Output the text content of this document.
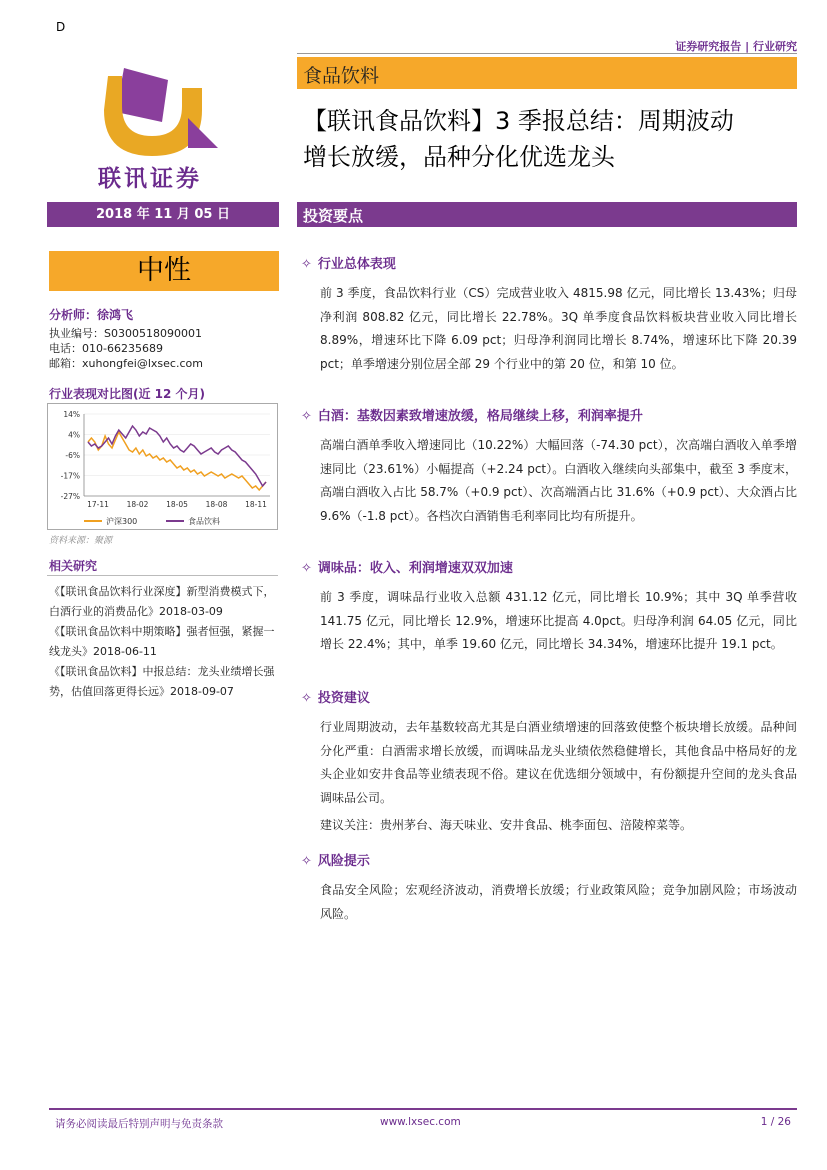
D
证券研究报告 | 行业研究
联讯证券
食品饮料
【联讯食品饮料】3 季报总结：周期波动
增长放缓，品种分化优选龙头
2018 年 11 月 05 日	投资要点
中性
分析师：徐鸿飞
执业编号：S0300518090001
电话：010-66235689
邮箱：xuhongfei@lxsec.com
行业表现对比图(近 12 个月)
14%
4%
-6%
-17%
-27%
17-11 18-02 18-05 18-08 18-11
沪深300	食品饮料
资料来源：聚源
相关研究
《【联讯食品饮料行业深度】新型消费模式下，白酒行业的消费品化》2018-03-09
《【联讯食品饮料中期策略】强者恒强，紧握一线龙头》2018-06-11
《【联讯食品饮料】中报总结：龙头业绩增长强势，估值回落更得长远》2018-09-07
✧ 行业总体表现
前 3 季度，食品饮料行业（CS）完成营业收入 4815.98 亿元，同比增长 13.43%；归母净利润 808.82 亿元，同比增长 22.78%。3Q 单季度食品饮料板块营业收入同比增长 8.89%，增速环比下降 6.09 pct；归母净利润同比增长 8.74%，增速环比下降 20.39 pct；单季增速分别位居全部 29 个行业中的第 20 位，和第 10 位。
✧ 白酒：基数因素致增速放缓，格局继续上移，利润率提升
高端白酒单季收入增速同比（10.22%）大幅回落（-74.30 pct），次高端白酒收入单季增速同比（23.61%）小幅提高（+2.24 pct）。白酒收入继续向头部集中，截至 3 季度末，高端白酒收入占比 58.7%（+0.9 pct）、次高端酒占比 31.6%（+0.9 pct）、大众酒占比 9.6%（-1.8 pct）。各档次白酒销售毛利率同比均有所提升。
✧ 调味品：收入、利润增速双双加速
前 3 季度，调味品行业收入总额 431.12 亿元，同比增长 10.9%；其中 3Q 单季营收 141.75 亿元，同比增长 12.9%，增速环比提高 4.0pct。归母净利润 64.05 亿元，同比增长 22.4%；其中，单季 19.60 亿元，同比增长 34.34%，增速环比提升 19.1 pct。
✧ 投资建议
行业周期波动，去年基数较高尤其是白酒业绩增速的回落致使整个板块增长放缓。品种间分化严重：白酒需求增长放缓，而调味品龙头业绩依然稳健增长，其他食品中格局好的龙头企业如安井食品等业绩表现不俗。建议在优选细分领域中，有份额提升空间的龙头食品调味品公司。
建议关注：贵州茅台、海天味业、安井食品、桃李面包、涪陵榨菜等。
✧ 风险提示
食品安全风险；宏观经济波动，消费增长放缓；行业政策风险；竞争加剧风险；市场波动风险。
请务必阅读最后特别声明与免责条款	www.lxsec.com	1 / 26
